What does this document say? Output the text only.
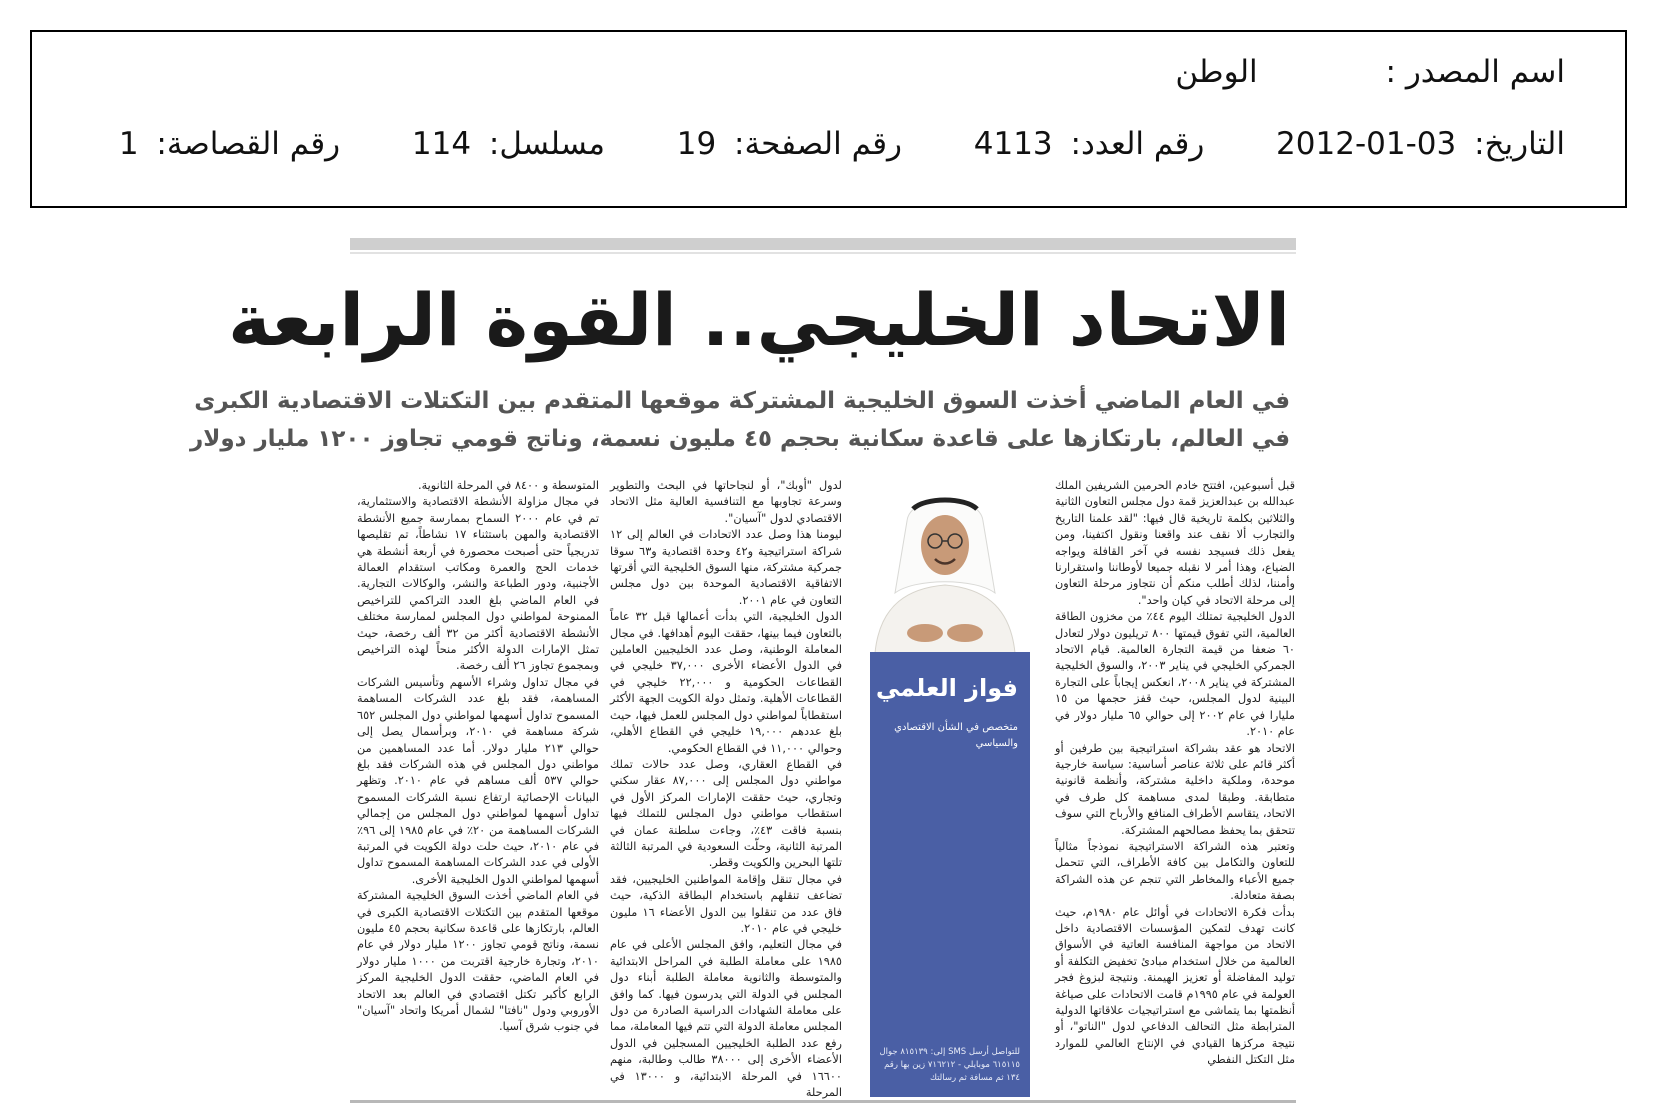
اسم المصدر : الوطن
التاريخ: 2012-01-03  رقم العدد: 4113  رقم الصفحة: 19  مسلسل: 114  رقم القصاصة: 1
الاتحاد الخليجي.. القوة الرابعة
في العام الماضي أخذت السوق الخليجية المشتركة موقعها المتقدم بين التكتلات الاقتصادية الكبرى
في العالم، بارتكازها على قاعدة سكانية بحجم ٤٥ مليون نسمة، وناتج قومي تجاوز ١٢٠٠ مليار دولار

قبل أسبوعين، افتتح خادم الحرمين الشريفين الملك عبدالله بن عبدالعزيز قمة دول مجلس التعاون الثانية والثلاثين بكلمة تاريخية قال فيها: "لقد علمنا التاريخ والتجارب ألا نقف عند واقعنا ونقول اكتفينا، ومن يفعل ذلك فسيجد نفسه في آخر القافلة ويواجه الضياع، وهذا أمر لا نقبله جميعا لأوطاننا واستقرارنا وأمننا، لذلك أطلب منكم أن نتجاوز مرحلة التعاون إلى مرحلة الاتحاد في كيان واحد".

الدول الخليجية تمتلك اليوم ٤٤٪ من مخزون الطاقة العالمية، التي تفوق قيمتها ٨٠٠ تريليون دولار لتعادل ٦٠ ضعفا من قيمة التجارة العالمية. قيام الاتحاد الجمركي الخليجي في يناير ٢٠٠٣، والسوق الخليجية المشتركة في يناير ٢٠٠٨، انعكس إيجاباً على التجارة البينية لدول المجلس، حيث قفز حجمها من ١٥ مليارا في عام ٢٠٠٢ إلى حوالي ٦٥ مليار دولار في عام ٢٠١٠.

الاتحاد هو عقد بشراكة استراتيجية بين طرفين أو أكثر قائم على ثلاثة عناصر أساسية: سياسة خارجية موحدة، وملكية داخلية مشتركة، وأنظمة قانونية متطابقة. وطبقا لمدى مساهمة كل طرف في الاتحاد، يتقاسم الأطراف المنافع والأرباح التي سوف تتحقق بما يحفظ مصالحهم المشتركة.

وتعتبر هذه الشراكة الاستراتيجية نموذجاً مثالياً للتعاون والتكامل بين كافة الأطراف، التي تتحمل جميع الأعباء والمخاطر التي تنجم عن هذه الشراكة بصفة متعادلة.

بدأت فكرة الاتحادات في أوائل عام ١٩٨٠م، حيث كانت تهدف لتمكين المؤسسات الاقتصادية داخل الاتحاد من مواجهة المنافسة العاتية في الأسواق العالمية من خلال استخدام مبادئ تخفيض التكلفة أو توليد المفاضلة أو تعزيز الهيمنة. ونتيجة لبزوغ فجر العولمة في عام ١٩٩٥م قامت الاتحادات على صياغة أنظمتها بما يتماشى مع استراتيجيات علاقاتها الدولية المترابطة مثل التحالف الدفاعي لدول "الناتو"، أو نتيجة مركزها القيادي في الإنتاج العالمي للموارد مثل التكتل النفطي

فواز العلمي
متخصص في الشأن الاقتصادي والسياسي
للتواصل أرسل SMS إلى: ٨١٥١٣٩ جوال ٦١٥١١٥ موبايلي - ٧١٦٢١٢ زين بها رقم ١٣٤ ثم مسافة ثم رسالتك

لدول "أوبك"، أو لنجاحاتها في البحث والتطوير وسرعة تجاوبها مع التنافسية العالية مثل الاتحاد الاقتصادي لدول "آسيان".

ليومنا هذا وصل عدد الاتحادات في العالم إلى ١٢ شراكة استراتيجية و٤٢ وحدة اقتصادية و٦٣ سوقا جمركية مشتركة، منها السوق الخليجية التي أقرتها الاتفاقية الاقتصادية الموحدة بين دول مجلس التعاون في عام ٢٠٠١.

الدول الخليجية، التي بدأت أعمالها قبل ٣٢ عاماً بالتعاون فيما بينها، حققت اليوم أهدافها. في مجال المعاملة الوطنية، وصل عدد الخليجيين العاملين في الدول الأعضاء الأخرى ٣٧,٠٠٠ خليجي في القطاعات الحكومية و ٢٢,٠٠٠ خليجي في القطاعات الأهلية. وتمثل دولة الكويت الجهة الأكثر استقطاباً لمواطني دول المجلس للعمل فيها، حيث بلغ عددهم ١٩,٠٠٠ خليجي في القطاع الأهلي، وحوالي ١١,٠٠٠ في القطاع الحكومي.

في القطاع العقاري، وصل عدد حالات تملك مواطني دول المجلس إلى ٨٧,٠٠٠ عقار سكني وتجاري، حيث حققت الإمارات المركز الأول في استقطاب مواطني دول المجلس للتملك فيها بنسبة فاقت ٤٣٪، وجاءت سلطنة عمان في المرتبة الثانية، وحلّت السعودية في المرتبة الثالثة تلتها البحرين والكويت وقطر.

في مجال تنقل وإقامة المواطنين الخليجيين، فقد تضاعف تنقلهم باستخدام البطاقة الذكية، حيث فاق عدد من تنقلوا بين الدول الأعضاء ١٦ مليون خليجي في عام ٢٠١٠.

في مجال التعليم، وافق المجلس الأعلى في عام ١٩٨٥ على معاملة الطلبة في المراحل الابتدائية والمتوسطة والثانوية معاملة الطلبة أبناء دول المجلس في الدولة التي يدرسون فيها. كما وافق على معاملة الشهادات الدراسية الصادرة من دول المجلس معاملة الدولة التي تتم فيها المعاملة، مما رفع عدد الطلبة الخليجيين المسجلين في الدول الأعضاء الأخرى إلى ٣٨٠٠٠ طالب وطالبة، منهم ١٦٦٠٠ في المرحلة الابتدائية، و ١٣٠٠٠ في المرحلة

المتوسطة و ٨٤٠٠ في المرحلة الثانوية.

في مجال مزاولة الأنشطة الاقتصادية والاستثمارية، تم في عام ٢٠٠٠ السماح بممارسة جميع الأنشطة الاقتصادية والمهن باستثناء ١٧ نشاطاً، تم تقليصها تدريجياً حتى أصبحت محصورة في أربعة أنشطة هي خدمات الحج والعمرة ومكاتب استقدام العمالة الأجنبية، ودور الطباعة والنشر، والوكالات التجارية. في العام الماضي بلغ العدد التراكمي للتراخيص الممنوحة لمواطني دول المجلس لممارسة مختلف الأنشطة الاقتصادية أكثر من ٣٢ ألف رخصة، حيث تمثل الإمارات الدولة الأكثر منحاً لهذه التراخيص وبمجموع تجاوز ٢٦ ألف رخصة.

في مجال تداول وشراء الأسهم وتأسيس الشركات المساهمة، فقد بلغ عدد الشركات المساهمة المسموح تداول أسهمها لمواطني دول المجلس ٦٥٢ شركة مساهمة في ٢٠١٠، وبرأسمال يصل إلى حوالي ٢١٣ مليار دولار. أما عدد المساهمين من مواطني دول المجلس في هذه الشركات فقد بلغ حوالي ٥٣٧ ألف مساهم في عام ٢٠١٠. وتظهر البيانات الإحصائية ارتفاع نسبة الشركات المسموح تداول أسهمها لمواطني دول المجلس من إجمالي الشركات المساهمة من ٢٠٪ في عام ١٩٨٥ إلى ٩٦٪ في عام ٢٠١٠، حيث حلت دولة الكويت في المرتبة الأولى في عدد الشركات المساهمة المسموح تداول أسهمها لمواطني الدول الخليجية الأخرى.

في العام الماضي أخذت السوق الخليجية المشتركة موقعها المتقدم بين التكتلات الاقتصادية الكبرى في العالم، بارتكازها على قاعدة سكانية بحجم ٤٥ مليون نسمة، وناتج قومي تجاوز ١٢٠٠ مليار دولار في عام ٢٠١٠، وتجارة خارجية اقتربت من ١٠٠٠ مليار دولار في العام الماضي، حققت الدول الخليجية المركز الرابع كأكبر تكتل اقتصادي في العالم بعد الاتحاد الأوروبي ودول "نافتا" لشمال أمريكا واتحاد "آسيان" في جنوب شرق آسيا.
